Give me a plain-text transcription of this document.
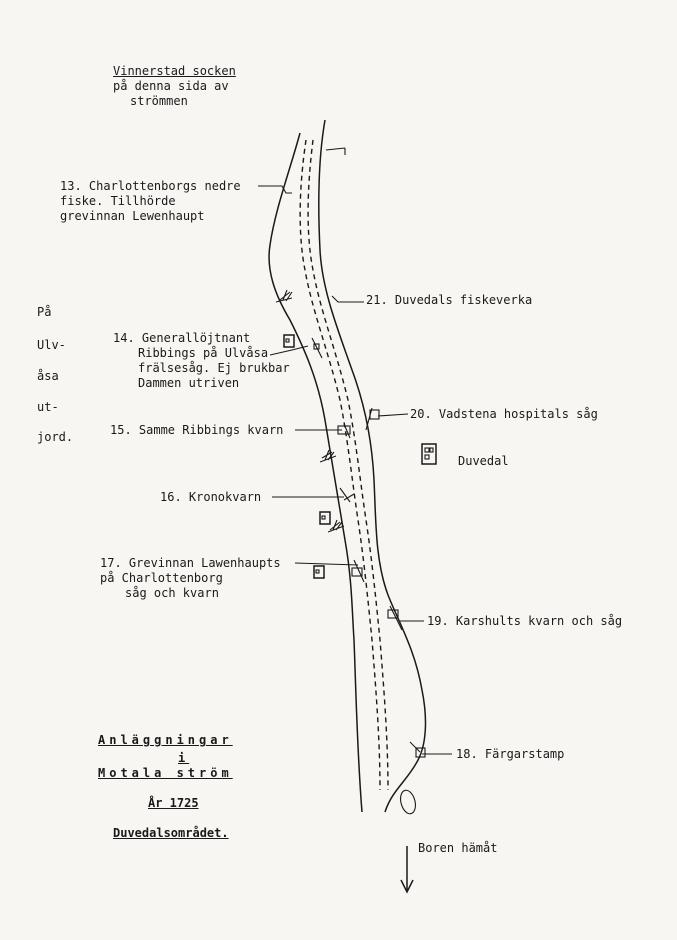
Vinnerstad socken
på denna sida av
strömmen
På
Ulv-
åsa
ut-
jord.
13. Charlottenborgs nedre
fiske. Tillhörde
grevinnan Lewenhaupt
14. Generallöjtnant
Ribbings på Ulvåsa
frälsesåg. Ej brukbar
Dammen utriven
15. Samme Ribbings kvarn
16. Kronokvarn
17. Grevinnan Lawenhaupts
på Charlottenborg
såg och kvarn
21. Duvedals fiskeverka
20. Vadstena hospitals såg
Duvedal
19. Karshults kvarn och såg
18. Färgarstamp
Anläggningar
i
Motala ström
År 1725
Duvedalsområdet.
Boren hämåt
